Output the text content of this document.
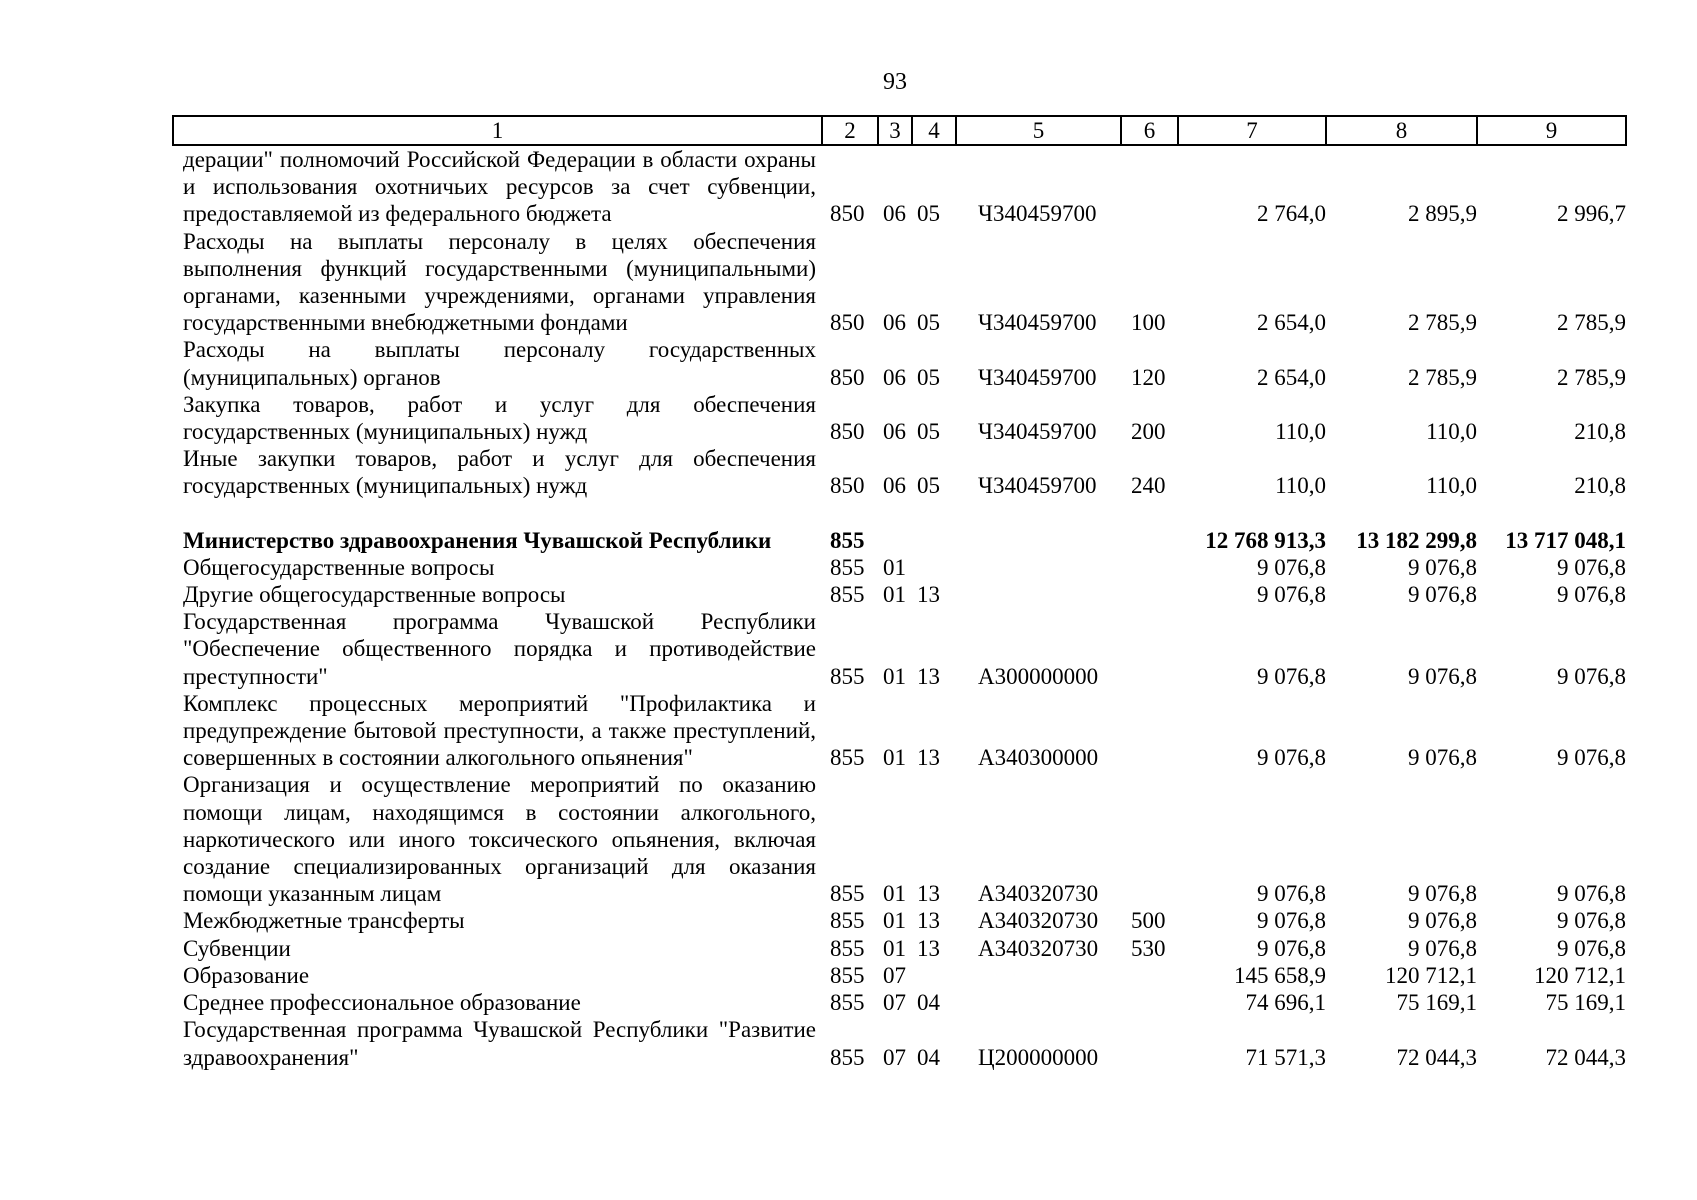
93
1	2	3	4	5	6	7	8	9
дерации" полномочий Российской Федерации в области охраны и использования охотничьих ресурсов за счет субвенции, предоставляемой из федерального бюджета	850	06	05	Ч340459700		2 764,0	2 895,9	2 996,7
Расходы на выплаты персоналу в целях обеспечения выполнения функций государственными (муниципальными) органами, казенными учреждениями, органами управления государственными внебюджетными фондами	850	06	05	Ч340459700	100	2 654,0	2 785,9	2 785,9
Расходы на выплаты персоналу государственных (муниципальных) органов	850	06	05	Ч340459700	120	2 654,0	2 785,9	2 785,9
Закупка товаров, работ и услуг для обеспечения государственных (муниципальных) нужд	850	06	05	Ч340459700	200	110,0	110,0	210,8
Иные закупки товаров, работ и услуг для обеспечения государственных (муниципальных) нужд	850	06	05	Ч340459700	240	110,0	110,0	210,8

Министерство здравоохранения Чувашской Республики	855					12 768 913,3	13 182 299,8	13 717 048,1
Общегосударственные вопросы	855	01				9 076,8	9 076,8	9 076,8
Другие общегосударственные вопросы	855	01	13			9 076,8	9 076,8	9 076,8
Государственная программа Чувашской Республики "Обеспечение общественного порядка и противодействие преступности"	855	01	13	А300000000		9 076,8	9 076,8	9 076,8
Комплекс процессных мероприятий "Профилактика и предупреждение бытовой преступности, а также преступлений, совершенных в состоянии алкогольного опьянения"	855	01	13	А340300000		9 076,8	9 076,8	9 076,8
Организация и осуществление мероприятий по оказанию помощи лицам, находящимся в состоянии алкогольного, наркотического или иного токсического опьянения, включая создание специализированных организаций для оказания помощи указанным лицам	855	01	13	А340320730		9 076,8	9 076,8	9 076,8
Межбюджетные трансферты	855	01	13	А340320730	500	9 076,8	9 076,8	9 076,8
Субвенции	855	01	13	А340320730	530	9 076,8	9 076,8	9 076,8
Образование	855	07				145 658,9	120 712,1	120 712,1
Среднее профессиональное образование	855	07	04			74 696,1	75 169,1	75 169,1
Государственная программа Чувашской Республики "Развитие здравоохранения"	855	07	04	Ц200000000		71 571,3	72 044,3	72 044,3
